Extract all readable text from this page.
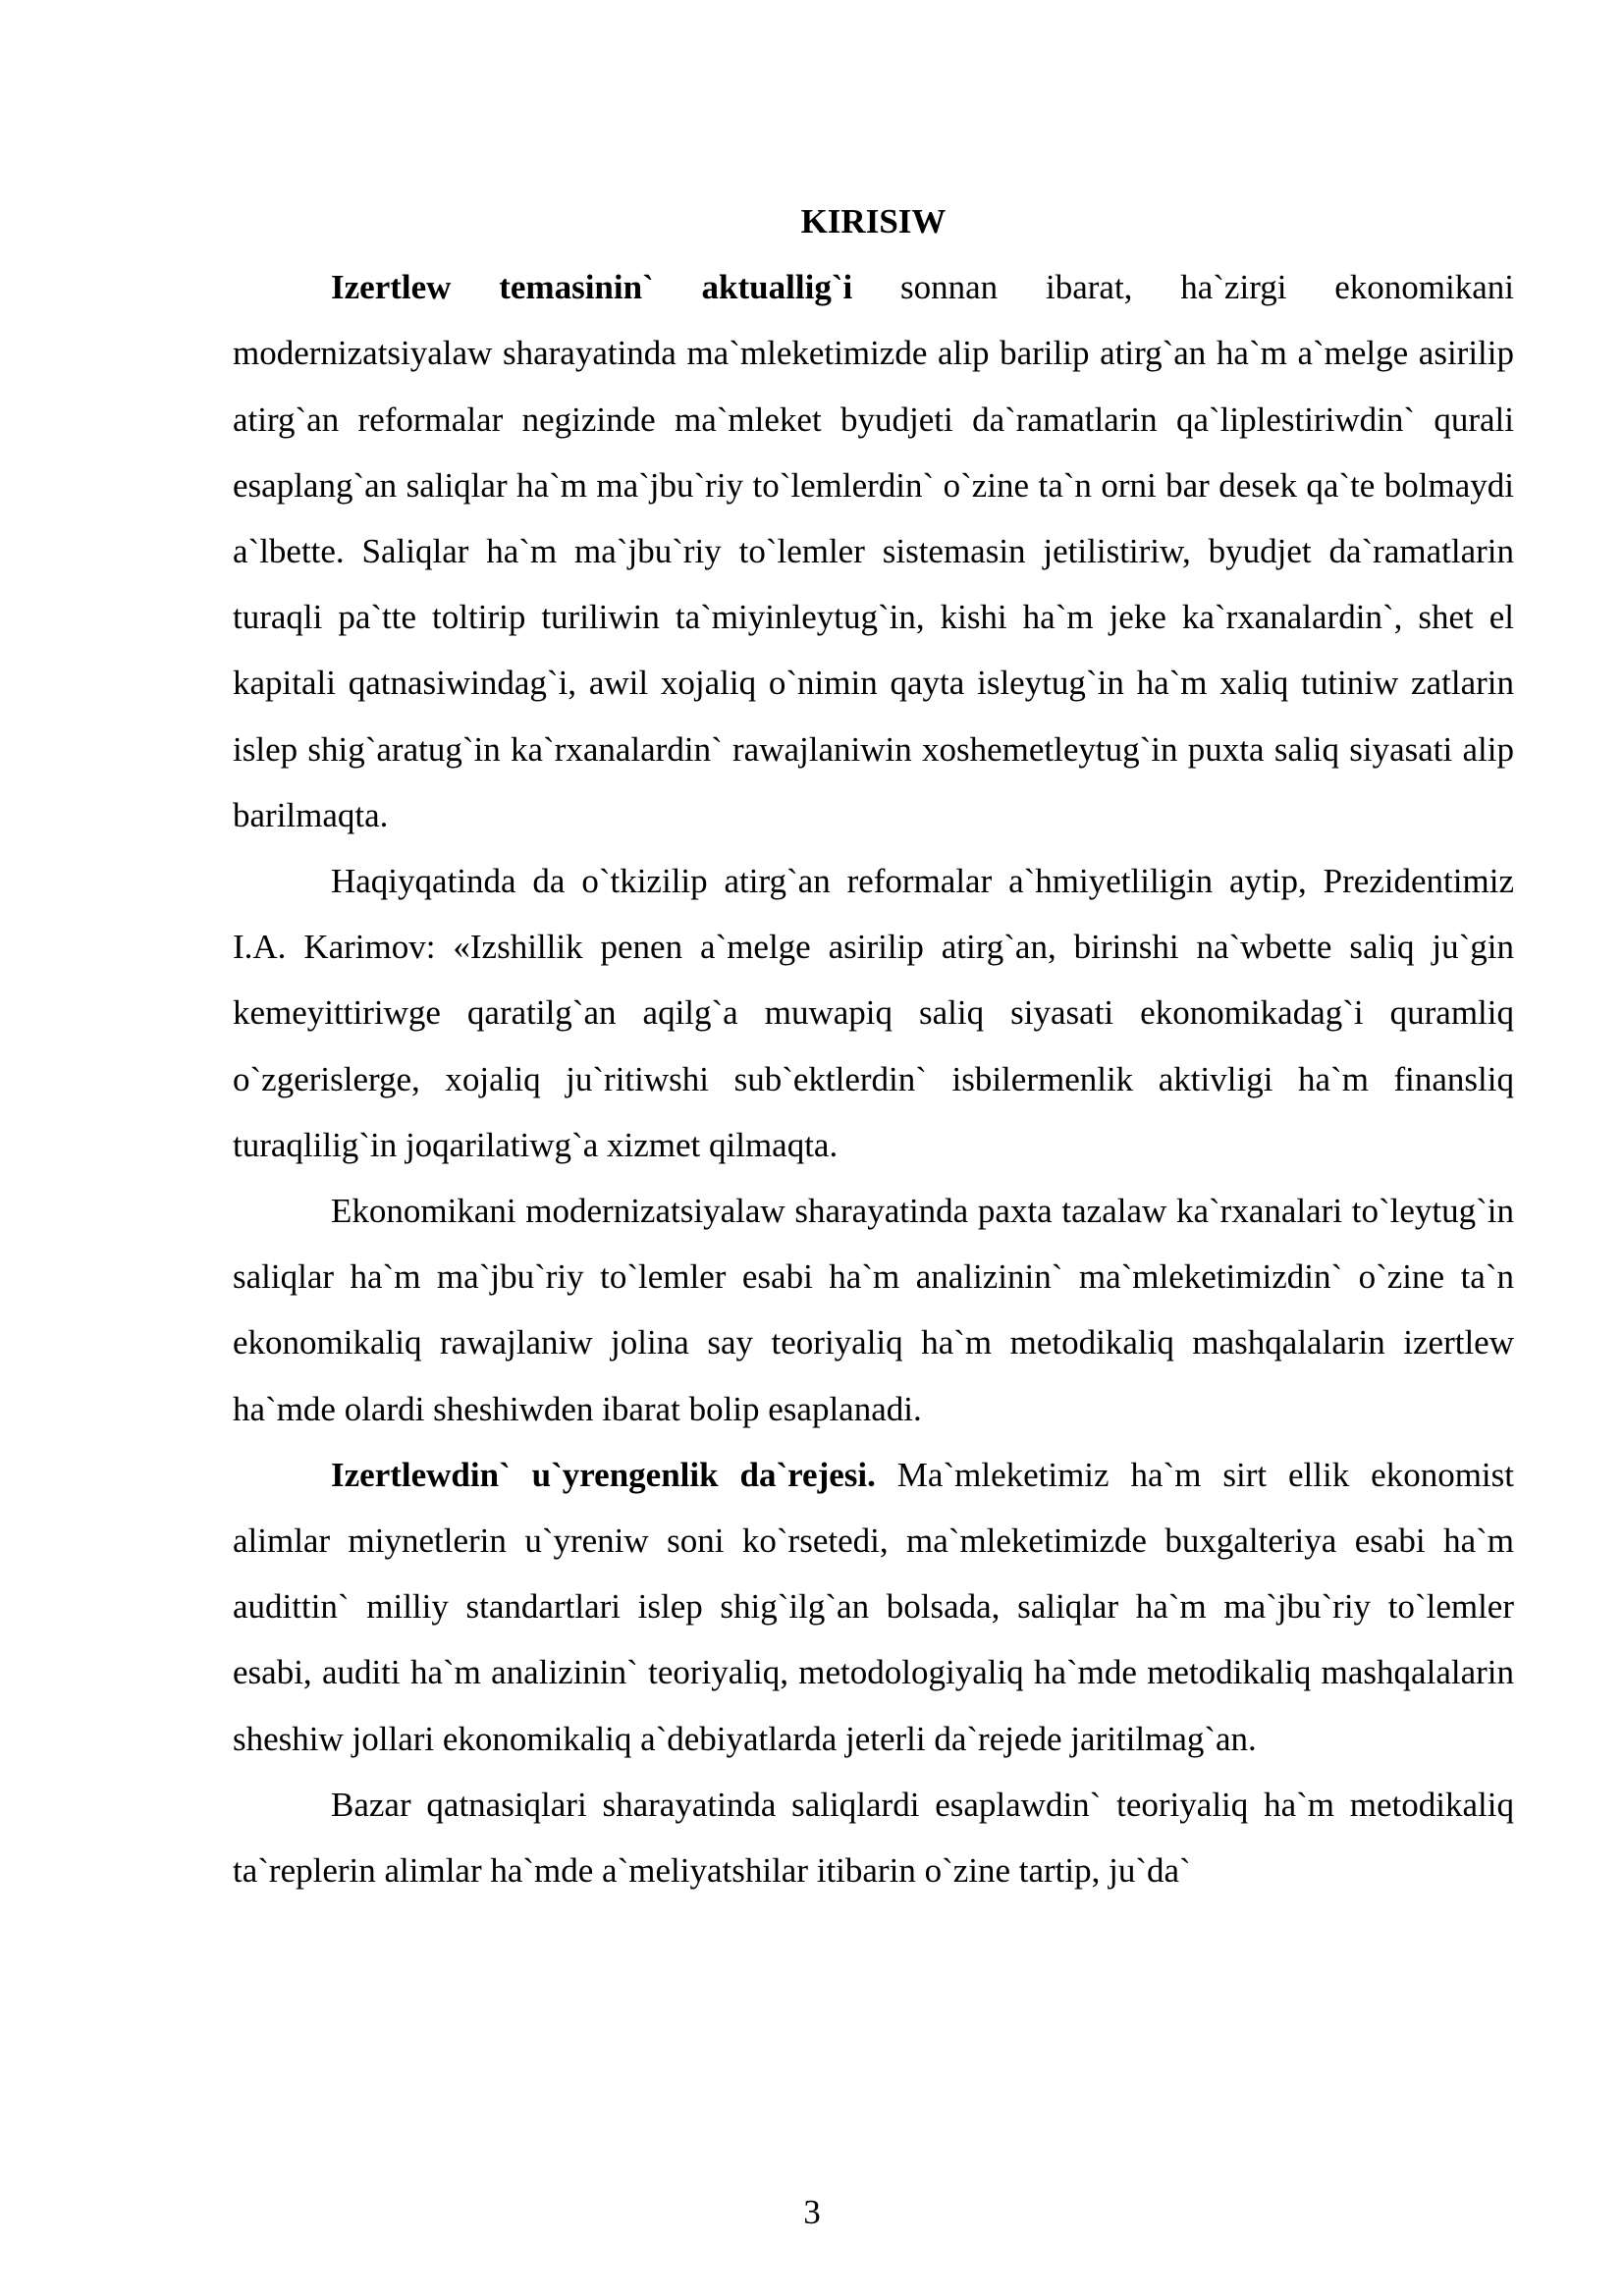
KIRISIW

Izertlew temasinin` aktuallig`i sonnan ibarat, ha`zirgi ekonomikani modernizatsiyalaw sharayatinda ma`mleketimizde alip barilip atirg`an ha`m a`melge asirilip atirg`an reformalar negizinde ma`mleket byudjeti da`ramatlarin qa`liplestiriwdin` qurali esaplang`an saliqlar ha`m ma`jbu`riy to`lemlerdin` o`zine ta`n orni bar desek qa`te bolmaydi a`lbette. Saliqlar ha`m ma`jbu`riy to`lemler sistemasin jetilistiriw, byudjet da`ramatlarin turaqli pa`tte toltirip turiliwin ta`miyinleytug`in, kishi ha`m jeke ka`rxanalardin`, shet el kapitali qatnasiwindag`i, awil xojaliq o`nimin qayta isleytug`in ha`m xaliq tutiniw zatlarin islep shig`aratug`in ka`rxanalardin` rawajlaniwin xoshemetleytug`in puxta saliq siyasati alip barilmaqta.

Haqiyqatinda da o`tkizilip atirg`an reformalar a`hmiyetliligin aytip, Prezidentimiz I.A. Karimov: «Izshillik penen a`melge asirilip atirg`an, birinshi na`wbette saliq ju`gin kemeyittiriwge qaratilg`an aqilg`a muwapiq saliq siyasati ekonomikadag`i quramliq o`zgerislerge, xojaliq ju`ritiwshi sub`ektlerdin` isbilermenlik aktivligi ha`m finansliq turaqlilig`in joqarilatiwg`a xizmet qilmaqta.

Ekonomikani modernizatsiyalaw sharayatinda paxta tazalaw ka`rxanalari to`leytug`in saliqlar ha`m ma`jbu`riy to`lemler esabi ha`m analizinin` ma`mleketimizdin` o`zine ta`n ekonomikaliq rawajlaniw jolina say teoriyaliq ha`m metodikaliq mashqalalarin izertlew ha`mde olardi sheshiwden ibarat bolip esaplanadi.

Izertlewdin` u`yrengenlik da`rejesi. Ma`mleketimiz ha`m sirt ellik ekonomist alimlar miynetlerin u`yreniw soni ko`rsetedi, ma`mleketimizde buxgalteriya esabi ha`m audittin` milliy standartlari islep shig`ilg`an bolsada, saliqlar ha`m ma`jbu`riy to`lemler esabi, auditi ha`m analizinin` teoriyaliq, metodologiyaliq ha`mde metodikaliq mashqalalarin sheshiw jollari ekonomikaliq a`debiyatlarda jeterli da`rejede jaritilmag`an.

Bazar qatnasiqlari sharayatinda saliqlardi esaplawdin` teoriyaliq ha`m metodikaliq ta`replerin alimlar ha`mde a`meliyatshilar itibarin o`zine tartip, ju`da`

3
